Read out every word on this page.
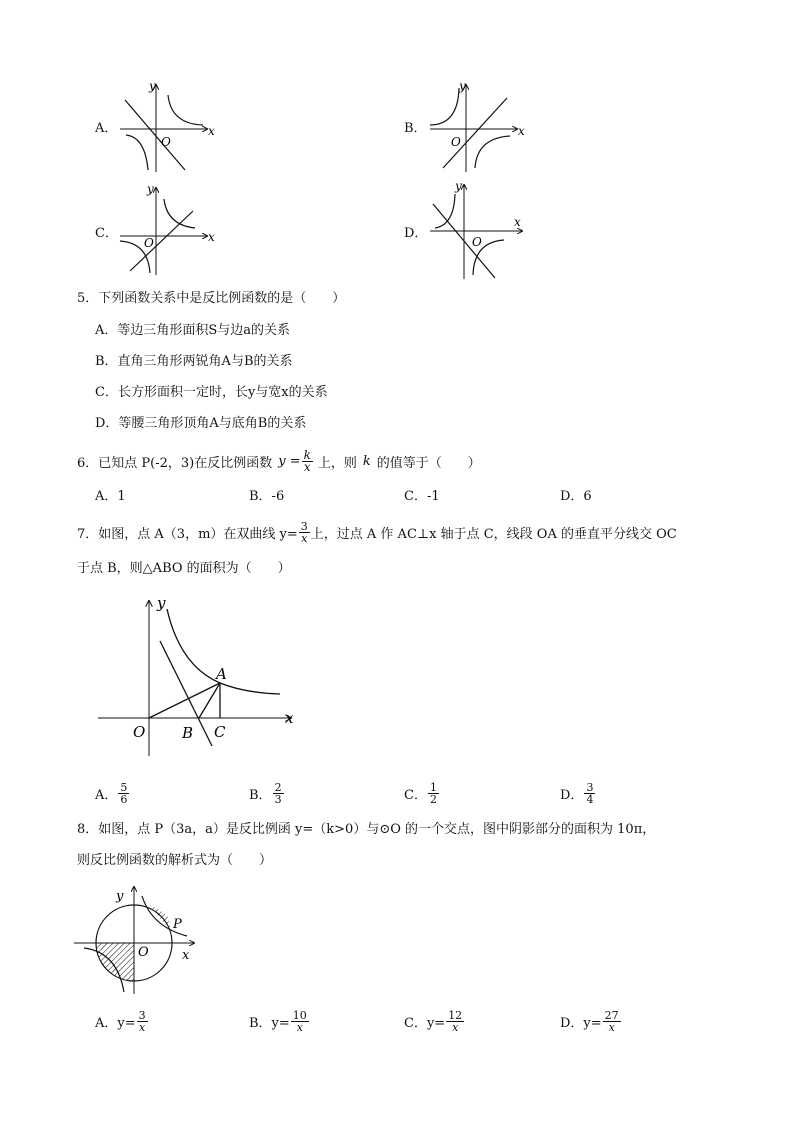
A．
y
x
O
B．
y
x
O
C．
y
x
O
D．
y
x
O
5．下列函数关系中是反比例函数的是（　　）
A．等边三角形面积S与边a的关系
B．直角三角形两锐角A与B的关系
C．长方形面积一定时，长y与宽x的关系
D．等腰三角形顶角A与底角B的关系
6．已知点 P(-2，3)在反比例函数 $y = \frac{k}{x}$ 上，则 k 的值等于（　　）
A．1	B．-6	C．-1	D．6
7．如图，点 A（3，m）在双曲线 $y= \frac{3}{x}$ 上，过点 A 作 AC⊥x 轴于点 C，线段 OA 的垂直平分线交 OC
于点 B，则△ABO 的面积为（　　）
y
x
O
A
B C
A． $\frac{5}{6}$	B． $\frac{2}{3}$	C． $\frac{1}{2}$	D． $\frac{3}{4}$
8．如图，点 P（3a，a）是反比例函 y=（k>0）与⊙O 的一个交点，图中阴影部分的面积为 10π，
则反比例函数的解析式为（　　）
y
x
O
P
A．$y= \frac{3}{x}$	B．$y= \frac{10}{x}$	C．$y= \frac{12}{x}$	D．$y= \frac{27}{x}$
